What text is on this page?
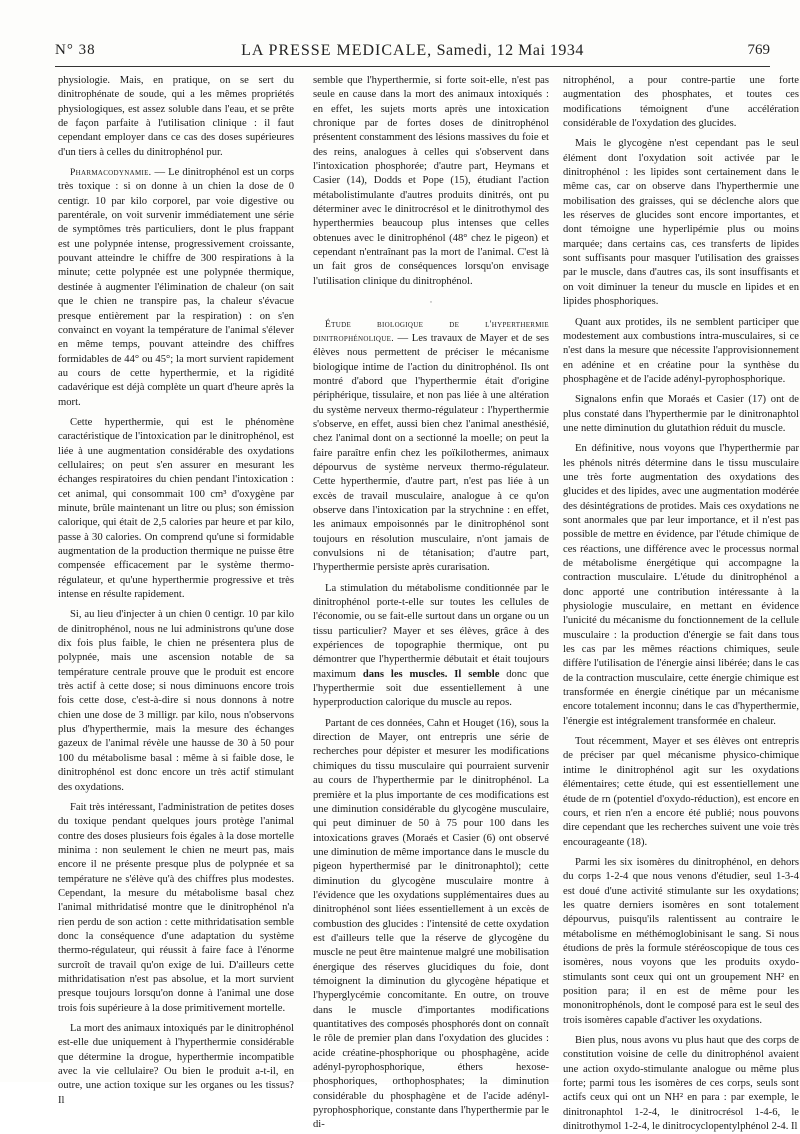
N° 38	LA PRESSE MEDICALE, Samedi, 12 Mai 1934	769

physiologie. Mais, en pratique, on se sert du dinitrophénate de soude, qui a les mêmes propriétés physiologiques, est assez soluble dans l'eau, et se prête de façon parfaite à l'utilisation clinique : il faut cependant employer dans ce cas des doses supérieures d'un tiers à celles du dinitrophénol pur.

Pharmacodynamie. — Le dinitrophénol est un corps très toxique : si on donne à un chien la dose de 0 centigr. 10 par kilo corporel, par voie digestive ou parentérale, on voit survenir immédiatement une série de symptômes très particuliers, dont le plus frappant est une polypnée intense, progressivement croissante, pouvant atteindre le chiffre de 300 respirations à la minute; cette polypnée est une polypnée thermique, destinée à augmenter l'élimination de chaleur (on sait que le chien ne transpire pas, la chaleur s'évacue presque entièrement par la respiration) : on s'en convainct en voyant la température de l'animal s'élever en même temps, pouvant atteindre des chiffres formidables de 44° ou 45°; la mort survient rapidement au cours de cette hyperthermie, et la rigidité cadavérique est déjà complète un quart d'heure après la mort.

Cette hyperthermie, qui est le phénomène caractéristique de l'intoxication par le dinitrophénol, est liée à une augmentation considérable des oxydations cellulaires; on peut s'en assurer en mesurant les échanges respiratoires du chien pendant l'intoxication : cet animal, qui consommait 100 cm³ d'oxygène par minute, brûle maintenant un litre ou plus; son émission calorique, qui était de 2,5 calories par heure et par kilo, passe à 30 calories. On comprend qu'une si formidable augmentation de la production thermique ne puisse être compensée efficacement par le système thermo-régulateur, et qu'une hyperthermie progressive et très intense en résulte rapidement.

Si, au lieu d'injecter à un chien 0 centigr. 10 par kilo de dinitrophénol, nous ne lui administrons qu'une dose dix fois plus faible, le chien ne présentera plus de polypnée, mais une ascension notable de sa température centrale prouve que le produit est encore très actif à cette dose; si nous diminuons encore trois fois cette dose, c'est-à-dire si nous donnons à notre chien une dose de 3 milligr. par kilo, nous n'observons plus d'hyperthermie, mais la mesure des échanges gazeux de l'animal révèle une hausse de 30 à 50 pour 100 du métabolisme basal : même à si faible dose, le dinitrophénol est donc encore un très actif stimulant des oxydations.

Fait très intéressant, l'administration de petites doses du toxique pendant quelques jours protège l'animal contre des doses plusieurs fois égales à la dose mortelle minima : non seulement le chien ne meurt pas, mais encore il ne présente presque plus de polypnée et sa température ne s'élève qu'à des chiffres plus modestes. Cependant, la mesure du métabolisme basal chez l'animal mithridatisé montre que le dinitrophénol n'a rien perdu de son action : cette mithridatisation semble donc la conséquence d'une adaptation du système thermo-régulateur, qui réussit à faire face à l'énorme surcroît de travail qu'on exige de lui. D'ailleurs cette mithridatisation n'est pas absolue, et la mort survient presque toujours lorsqu'on donne à l'animal une dose trois fois supérieure à la dose primitivement mortelle.

La mort des animaux intoxiqués par le dinitrophénol est-elle due uniquement à l'hyperthermie considérable que détermine la drogue, hyperthermie incompatible avec la vie cellulaire? Ou bien le produit a-t-il, en outre, une action toxique sur les organes ou les tissus? Il

semble que l'hyperthermie, si forte soit-elle, n'est pas seule en cause dans la mort des animaux intoxiqués : en effet, les sujets morts après une intoxication chronique par de fortes doses de dinitrophénol présentent constamment des lésions massives du foie et des reins, analogues à celles qui s'observent dans l'intoxication phosphorée; d'autre part, Heymans et Casier (14), Dodds et Pope (15), étudiant l'action métabolistimulante d'autres produits dinitrés, ont pu déterminer avec le dinitrocrésol et le dinitrothymol des hyperthermies beaucoup plus intenses que celles obtenues avec le dinitrophénol (48° chez le pigeon) et cependant n'entraînant pas la mort de l'animal. C'est là un fait gros de conséquences lorsqu'on envisage l'utilisation clinique du dinitrophénol.

·

Étude biologique de l'hyperthermie dinitrophénolique. — Les travaux de Mayer et de ses élèves nous permettent de préciser le mécanisme biologique intime de l'action du dinitrophénol. Ils ont montré d'abord que l'hyperthermie était d'origine périphérique, tissulaire, et non pas liée à une altération du système nerveux thermo-régulateur : l'hyperthermie s'observe, en effet, aussi bien chez l'animal anesthésié, chez l'animal dont on a sectionné la moelle; on peut la faire paraître enfin chez les poïkilothermes, animaux dépourvus de système nerveux thermo-régulateur. Cette hyperthermie, d'autre part, n'est pas liée à un excès de travail musculaire, analogue à ce qu'on observe dans l'intoxication par la strychnine : en effet, les animaux empoisonnés par le dinitrophénol sont toujours en résolution musculaire, n'ont jamais de convulsions ni de tétanisation; d'autre part, l'hyperthermie persiste après curarisation.

La stimulation du métabolisme conditionnée par le dinitrophénol porte-t-elle sur toutes les cellules de l'économie, ou se fait-elle surtout dans un organe ou un tissu particulier? Mayer et ses élèves, grâce à des expériences de topographie thermique, ont pu démontrer que l'hyperthermie débutait et était toujours maximum dans les muscles. Il semble donc que l'hyperthermie soit due essentiellement à une hyperproduction calorique du muscle au repos.

Partant de ces données, Cahn et Houget (16), sous la direction de Mayer, ont entrepris une série de recherches pour dépister et mesurer les modifications chimiques du tissu musculaire qui pourraient survenir au cours de l'hyperthermie par le dinitrophénol. La première et la plus importante de ces modifications est une diminution considérable du glycogène musculaire, qui peut diminuer de 50 à 75 pour 100 dans les intoxications graves (Moraés et Casier (6) ont observé une diminution de même importance dans le muscle du pigeon hyperthermisé par le dinitronaphtol); cette diminution du glycogène musculaire montre à l'évidence que les oxydations supplémentaires dues au dinitrophénol sont liées essentiellement à un excès de combustion des glucides : l'intensité de cette oxydation est d'ailleurs telle que la réserve de glycogène du muscle ne peut être maintenue malgré une mobilisation énergique des réserves glucidiques du foie, dont témoignent la diminution du glycogène hépatique et l'hyperglycémie concomitante. En outre, on trouve dans le muscle d'importantes modifications quantitatives des composés phosphorés dont on connaît le rôle de premier plan dans l'oxydation des glucides : acide créatine-phosphorique ou phosphagène, acide adényl-pyrophosphorique, éthers hexose-phosphoriques, orthophosphates; la diminution considérable du phosphagène et de l'acide adényl-pyrophosphorique, constante dans l'hyperthermie par le di-

nitrophénol, a pour contre-partie une forte augmentation des phosphates, et toutes ces modifications témoignent d'une accélération considérable de l'oxydation des glucides.

Mais le glycogène n'est cependant pas le seul élément dont l'oxydation soit activée par le dinitrophénol : les lipides sont certainement dans le même cas, car on observe dans l'hyperthermie une mobilisation des graisses, qui se déclenche alors que les réserves de glucides sont encore importantes, et dont témoigne une hyperlipémie plus ou moins marquée; dans certains cas, ces transferts de lipides sont suffisants pour masquer l'utilisation des graisses par le muscle, dans d'autres cas, ils sont insuffisants et on voit diminuer la teneur du muscle en lipides et en lipides phosphoriques.

Quant aux protides, ils ne semblent participer que modestement aux combustions intra-musculaires, si ce n'est dans la mesure que nécessite l'approvisionnement en adénine et en créatine pour la synthèse du phosphagène et de l'acide adényl-pyrophosphorique.

Signalons enfin que Moraés et Casier (17) ont de plus constaté dans l'hyperthermie par le dinitronaphtol une nette diminution du glutathion réduit du muscle.

En définitive, nous voyons que l'hyperthermie par les phénols nitrés détermine dans le tissu musculaire une très forte augmentation des oxydations des glucides et des lipides, avec une augmentation modérée des désintégrations de protides. Mais ces oxydations ne sont anormales que par leur importance, et il n'est pas possible de mettre en évidence, par l'étude chimique de ces réactions, une différence avec le processus normal de métabolisme énergétique qui accompagne la contraction musculaire. L'étude du dinitrophénol a donc apporté une contribution intéressante à la physiologie musculaire, en mettant en évidence l'unicité du mécanisme du fonctionnement de la cellule musculaire : la production d'énergie se fait dans tous les cas par les mêmes réactions chimiques, seule diffère l'utilisation de l'énergie ainsi libérée; dans le cas de la contraction musculaire, cette énergie chimique est transformée en énergie cinétique par un mécanisme encore totalement inconnu; dans le cas d'hyperthermie, l'énergie est intégralement transformée en chaleur.

Tout récemment, Mayer et ses élèves ont entrepris de préciser par quel mécanisme physico-chimique intime le dinitrophénol agit sur les oxydations élémentaires; cette étude, qui est essentiellement une étude de rn (potentiel d'oxydo-réduction), est encore en cours, et rien n'en a encore été publié; nous pouvons dire cependant que les recherches suivent une voie très encourageante (18).

Parmi les six isomères du dinitrophénol, en dehors du corps 1-2-4 que nous venons d'étudier, seul 1-3-4 est doué d'une activité stimulante sur les oxydations; les quatre derniers isomères en sont totalement dépourvus, puisqu'ils ralentissent au contraire le métabolisme en méthémoglobinisant le sang. Si nous étudions de près la formule stéréoscopique de tous ces isomères, nous voyons que les produits oxydo-stimulants sont ceux qui ont un groupement NH² en position para; il en est de même pour les mononitrophénols, dont le composé para est le seul des trois isomères capable d'activer les oxydations.

Bien plus, nous avons vu plus haut que des corps de constitution voisine de celle du dinitrophénol avaient une action oxydo-stimulante analogue ou même plus forte; parmi tous les isomères de ces corps, seuls sont actifs ceux qui ont un NH² en para : par exemple, le dinitronaphtol 1-2-4, le dinitrocrésol 1-4-6, le dinitrothymol 1-2-4, le dinitrocyclopentylphénol 2-4. Il
